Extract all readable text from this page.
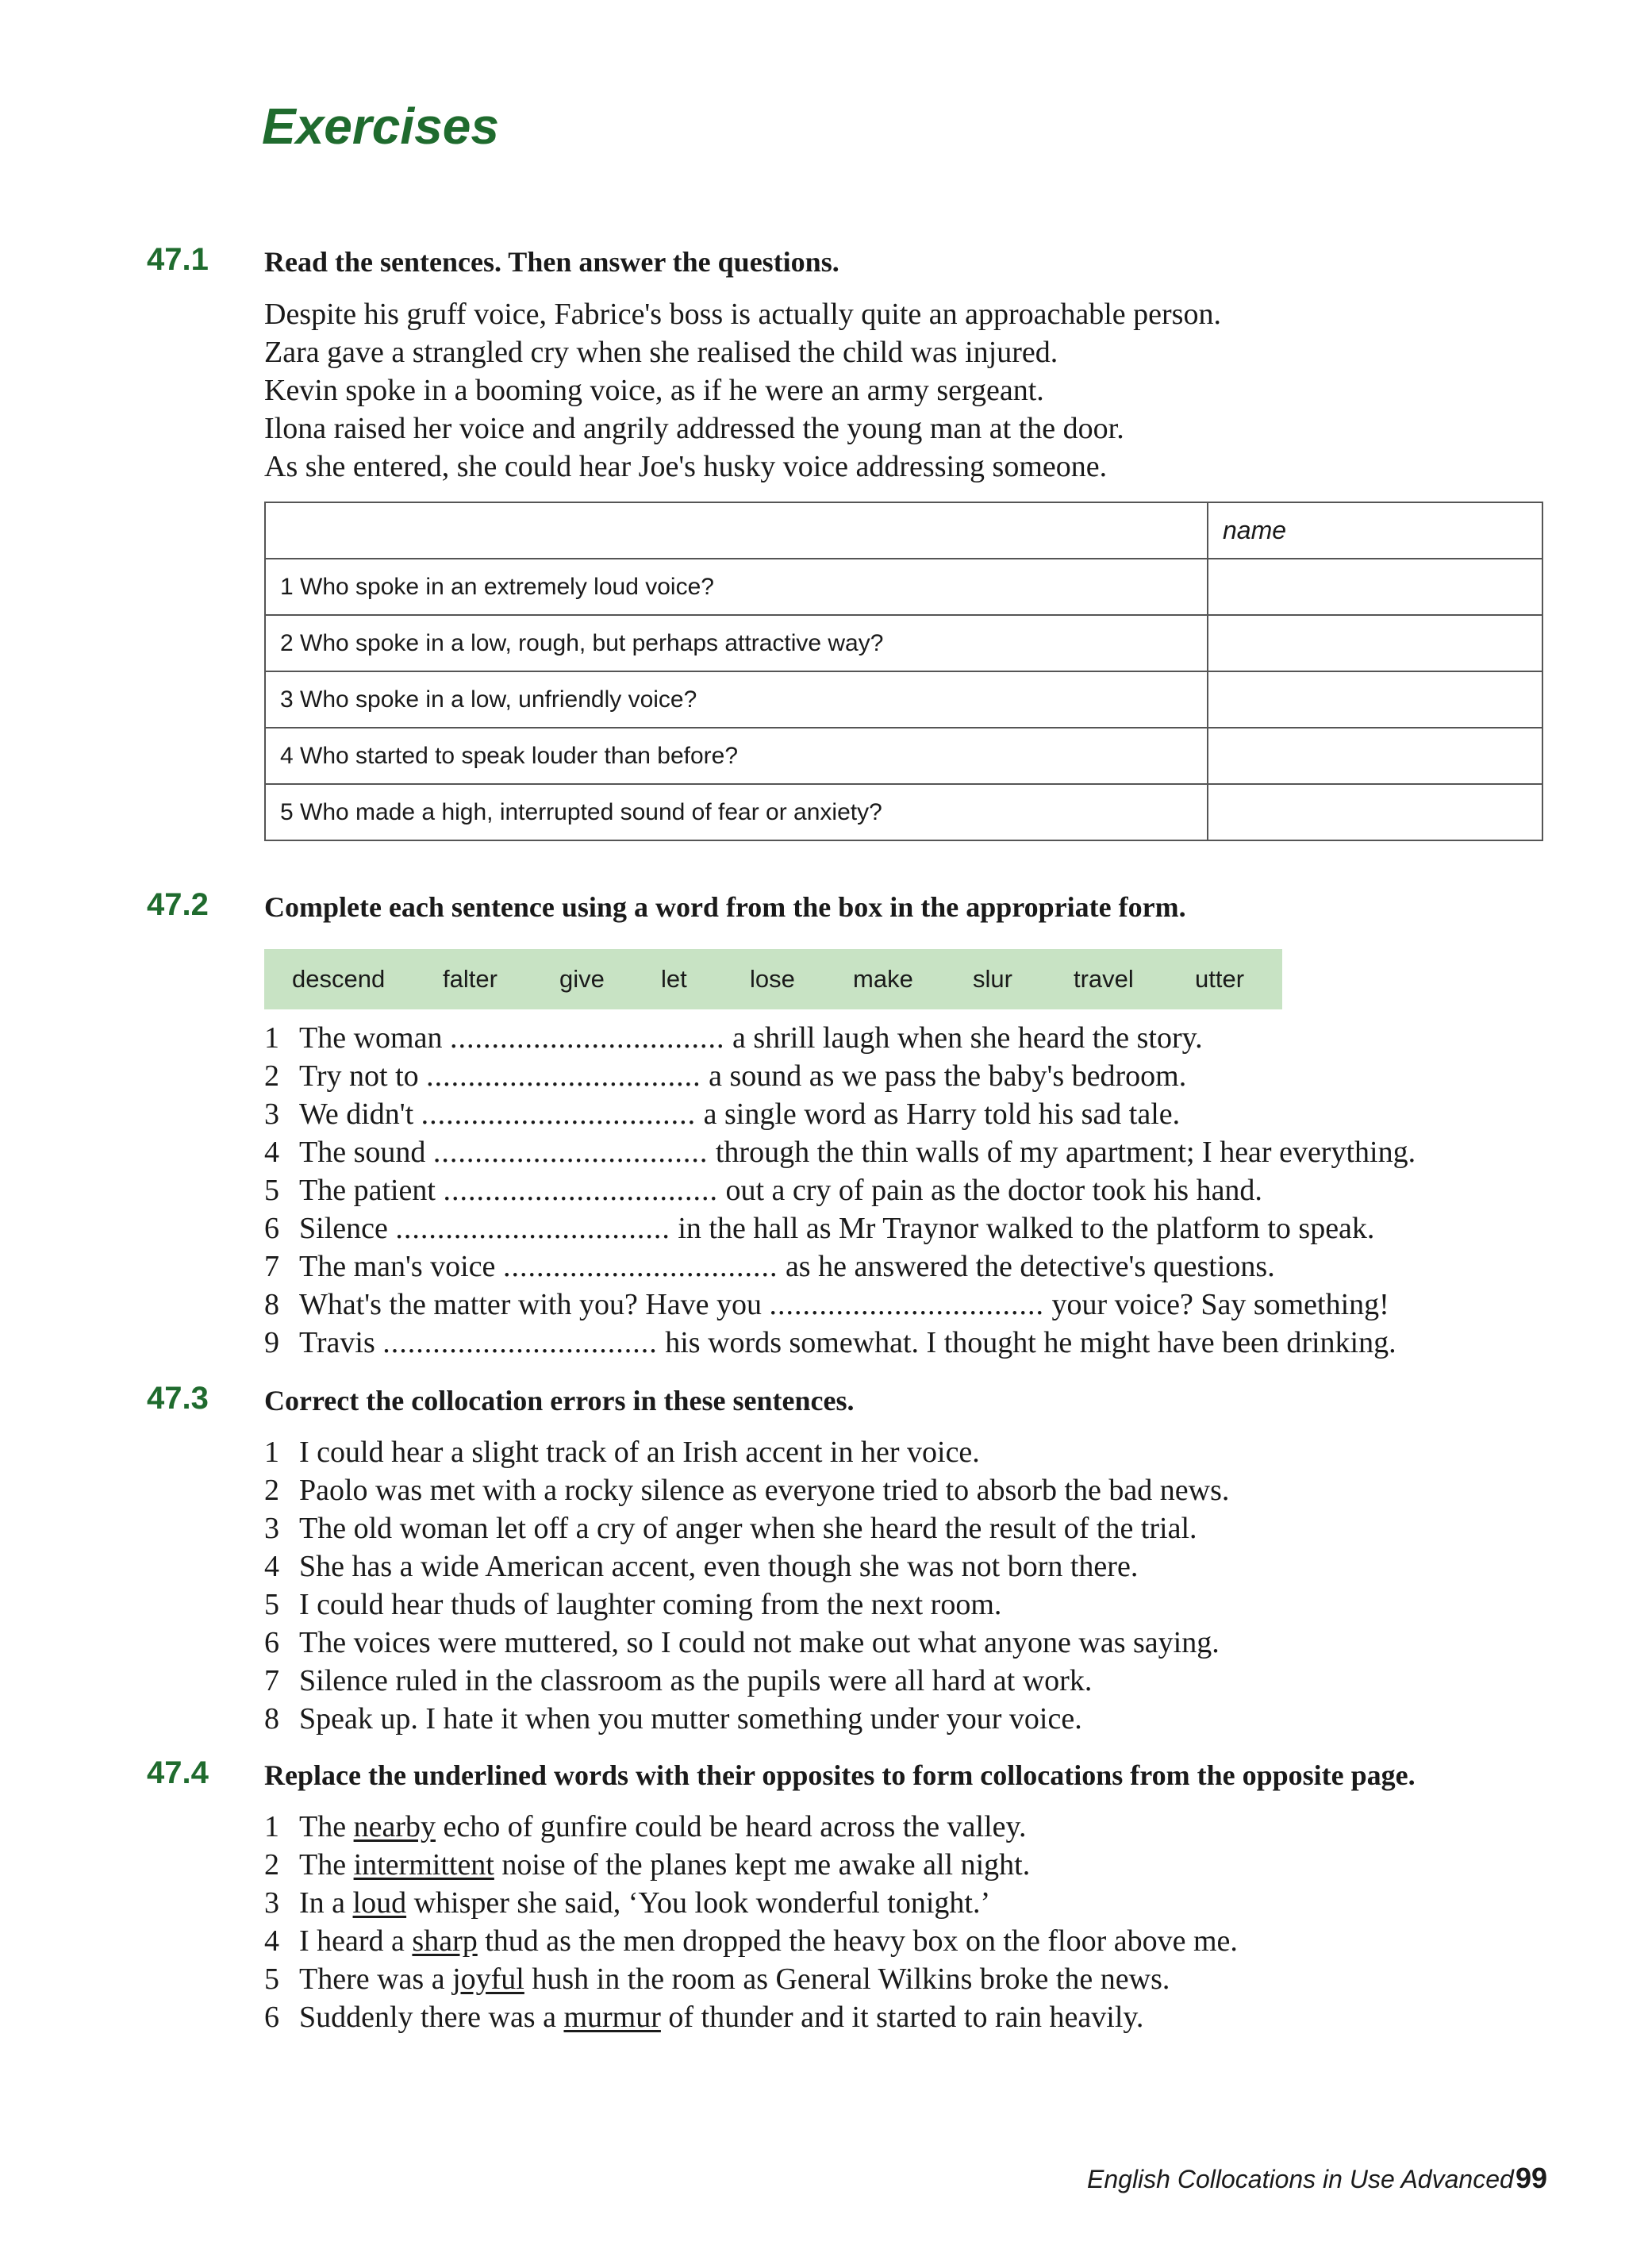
Exercises
47.1 Read the sentences. Then answer the questions.
Despite his gruff voice, Fabrice's boss is actually quite an approachable person.
Zara gave a strangled cry when she realised the child was injured.
Kevin spoke in a booming voice, as if he were an army sergeant.
Ilona raised her voice and angrily addressed the young man at the door.
As she entered, she could hear Joe's husky voice addressing someone.
	name
1 Who spoke in an extremely loud voice?	
2 Who spoke in a low, rough, but perhaps attractive way?	
3 Who spoke in a low, unfriendly voice?	
4 Who started to speak louder than before?	
5 Who made a high, interrupted sound of fear or anxiety?	
47.2 Complete each sentence using a word from the box in the appropriate form.
descend falter	give let	lose make slur travel utter
1 The woman ................................. a shrill laugh when she heard the story.
2 Try not to ................................. a sound as we pass the baby's bedroom.
3 We didn't ................................. a single word as Harry told his sad tale.
4 The sound ................................. through the thin walls of my apartment; I hear everything.
5 The patient ................................. out a cry of pain as the doctor took his hand.
6 Silence ................................. in the hall as Mr Traynor walked to the platform to speak.
7 The man's voice ................................. as he answered the detective's questions.
8 What's the matter with you? Have you ................................. your voice? Say something!
9 Travis ................................. his words somewhat. I thought he might have been drinking.
47.3 Correct the collocation errors in these sentences.
1 I could hear a slight track of an Irish accent in her voice.
2 Paolo was met with a rocky silence as everyone tried to absorb the bad news.
3 The old woman let off a cry of anger when she heard the result of the trial.
4 She has a wide American accent, even though she was not born there.
5 I could hear thuds of laughter coming from the next room.
6 The voices were muttered, so I could not make out what anyone was saying.
7 Silence ruled in the classroom as the pupils were all hard at work.
8 Speak up. I hate it when you mutter something under your voice.
47.4 Replace the underlined words with their opposites to form collocations from the opposite page.
1 The nearby echo of gunfire could be heard across the valley.
2 The intermittent noise of the planes kept me awake all night.
3 In a loud whisper she said, ‘You look wonderful tonight.’
4 I heard a sharp thud as the men dropped the heavy box on the floor above me.
5 There was a joyful hush in the room as General Wilkins broke the news.
6 Suddenly there was a murmur of thunder and it started to rain heavily.
English Collocations in Use Advanced 99
